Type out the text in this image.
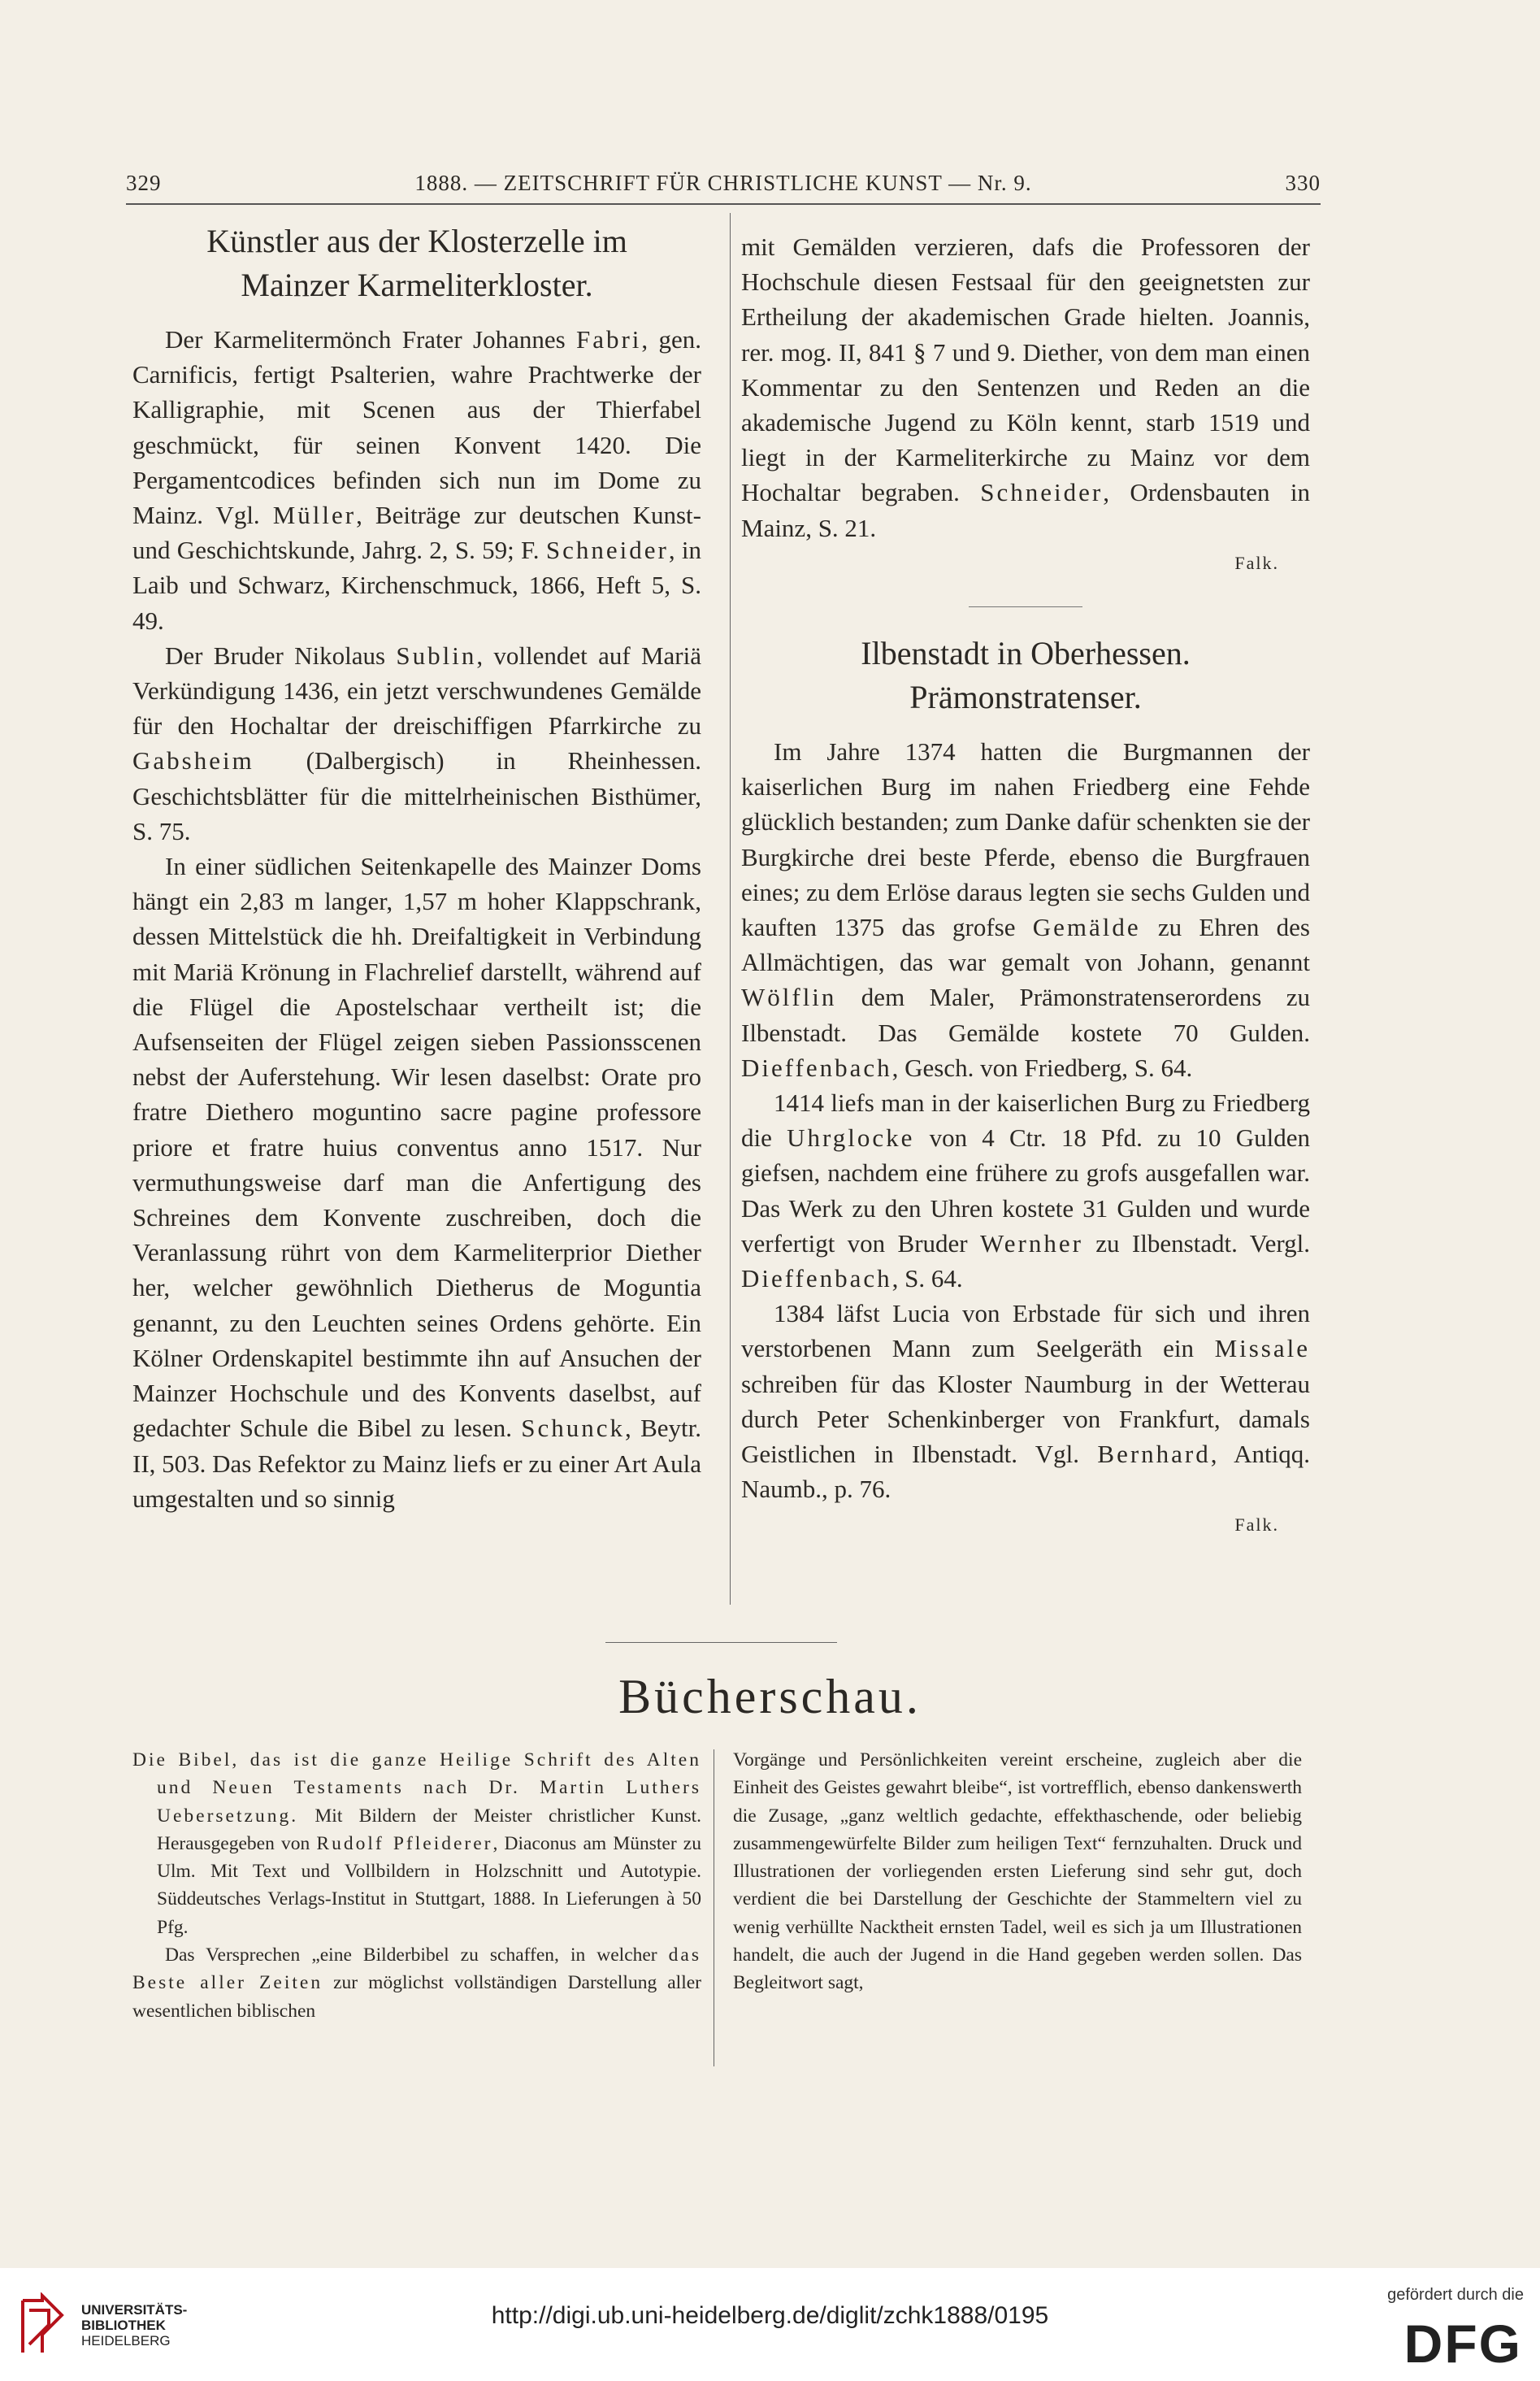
329	1888. — ZEITSCHRIFT FÜR CHRISTLICHE KUNST — Nr. 9.	330
Künstler aus der Klosterzelle im
Mainzer Karmeliterkloster.

Der Karmelitermönch Frater Johannes Fabri, gen. Carnificis, fertigt Psalterien, wahre Prachtwerke der Kalligraphie, mit Scenen aus der Thierfabel geschmückt, für seinen Konvent 1420. Die Pergamentcodices befinden sich nun im Dome zu Mainz. Vgl. Müller, Beiträge zur deutschen Kunst- und Geschichtskunde, Jahrg. 2, S. 59; F. Schneider, in Laib und Schwarz, Kirchenschmuck, 1866, Heft 5, S. 49.

Der Bruder Nikolaus Sublin, vollendet auf Mariä Verkündigung 1436, ein jetzt verschwundenes Gemälde für den Hochaltar der dreischiffigen Pfarrkirche zu Gabsheim (Dalbergisch) in Rheinhessen. Geschichtsblätter für die mittelrheinischen Bisthümer, S. 75.

In einer südlichen Seitenkapelle des Mainzer Doms hängt ein 2,83 m langer, 1,57 m hoher Klappschrank, dessen Mittelstück die hh. Dreifaltigkeit in Verbindung mit Mariä Krönung in Flachrelief darstellt, während auf die Flügel die Apostelschaar vertheilt ist; die Aufsenseiten der Flügel zeigen sieben Passionsscenen nebst der Auferstehung. Wir lesen daselbst: Orate pro fratre Diethero moguntino sacre pagine professore priore et fratre huius conventus anno 1517. Nur vermuthungsweise darf man die Anfertigung des Schreines dem Konvente zuschreiben, doch die Veranlassung rührt von dem Karmeliterprior Diether her, welcher gewöhnlich Dietherus de Moguntia genannt, zu den Leuchten seines Ordens gehörte. Ein Kölner Ordenskapitel bestimmte ihn auf Ansuchen der Mainzer Hochschule und des Konvents daselbst, auf gedachter Schule die Bibel zu lesen. Schunck, Beytr. II, 503. Das Refektor zu Mainz liefs er zu einer Art Aula umgestalten und so sinnig

mit Gemälden verzieren, dafs die Professoren der Hochschule diesen Festsaal für den geeignetsten zur Ertheilung der akademischen Grade hielten. Joannis, rer. mog. II, 841 § 7 und 9. Diether, von dem man einen Kommentar zu den Sentenzen und Reden an die akademische Jugend zu Köln kennt, starb 1519 und liegt in der Karmeliterkirche zu Mainz vor dem Hochaltar begraben. Schneider, Ordensbauten in Mainz, S. 21.

Falk.
Ilbenstadt in Oberhessen.
Prämonstratenser.

Im Jahre 1374 hatten die Burgmannen der kaiserlichen Burg im nahen Friedberg eine Fehde glücklich bestanden; zum Danke dafür schenkten sie der Burgkirche drei beste Pferde, ebenso die Burgfrauen eines; zu dem Erlöse daraus legten sie sechs Gulden und kauften 1375 das grofse Gemälde zu Ehren des Allmächtigen, das war gemalt von Johann, genannt Wölflin dem Maler, Prämonstratenserordens zu Ilbenstadt. Das Gemälde kostete 70 Gulden. Dieffenbach, Gesch. von Friedberg, S. 64.

1414 liefs man in der kaiserlichen Burg zu Friedberg die Uhrglocke von 4 Ctr. 18 Pfd. zu 10 Gulden giefsen, nachdem eine frühere zu grofs ausgefallen war. Das Werk zu den Uhren kostete 31 Gulden und wurde verfertigt von Bruder Wernher zu Ilbenstadt. Vergl. Dieffenbach, S. 64.

1384 läfst Lucia von Erbstade für sich und ihren verstorbenen Mann zum Seelgeräth ein Missale schreiben für das Kloster Naumburg in der Wetterau durch Peter Schenkinberger von Frankfurt, damals Geistlichen in Ilbenstadt. Vgl. Bernhard, Antiqq. Naumb., p. 76.

Falk.
Bücherschau.

Die Bibel, das ist die ganze Heilige Schrift des Alten und Neuen Testaments nach Dr. Martin Luthers Uebersetzung. Mit Bildern der Meister christlicher Kunst. Herausgegeben von Rudolf Pfleiderer, Diaconus am Münster zu Ulm. Mit Text und Vollbildern in Holzschnitt und Autotypie. Süddeutsches Verlags-Institut in Stuttgart, 1888. In Lieferungen à 50 Pfg.

Das Versprechen „eine Bilderbibel zu schaffen, in welcher das Beste aller Zeiten zur möglichst vollständigen Darstellung aller wesentlichen biblischen

Vorgänge und Persönlichkeiten vereint erscheine, zugleich aber die Einheit des Geistes gewahrt bleibe“, ist vortrefflich, ebenso dankenswerth die Zusage, „ganz weltlich gedachte, effekthaschende, oder beliebig zusammengewürfelte Bilder zum heiligen Text“ fernzuhalten. Druck und Illustrationen der vorliegenden ersten Lieferung sind sehr gut, doch verdient die bei Darstellung der Geschichte der Stammeltern viel zu wenig verhüllte Nacktheit ernsten Tadel, weil es sich ja um Illustrationen handelt, die auch der Jugend in die Hand gegeben werden sollen. Das Begleitwort sagt,

UNIVERSITÄTS-
BIBLIOTHEK
HEIDELBERG
http://digi.ub.uni-heidelberg.de/diglit/zchk1888/0195
gefördert durch die
DFG
